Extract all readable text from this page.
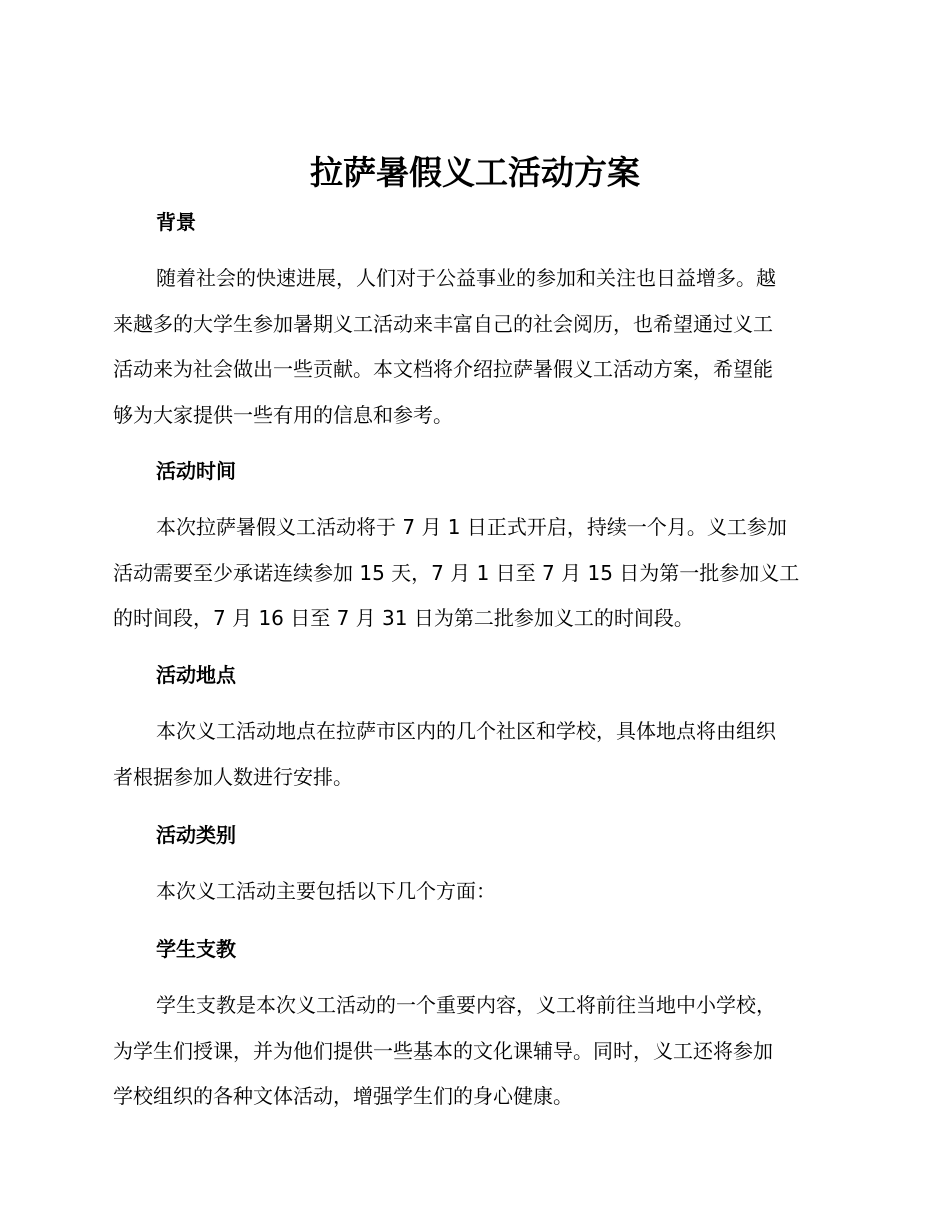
拉萨暑假义工活动方案
背景

随着社会的快速进展，人们对于公益事业的参加和关注也日益增多。越
来越多的大学生参加暑期义工活动来丰富自己的社会阅历，也希望通过义工
活动来为社会做出一些贡献。本文档将介绍拉萨暑假义工活动方案，希望能
够为大家提供一些有用的信息和参考。

活动时间

本次拉萨暑假义工活动将于 7 月 1 日正式开启，持续一个月。义工参加
活动需要至少承诺连续参加 15 天，7 月 1 日至 7 月 15 日为第一批参加义工
的时间段，7 月 16 日至 7 月 31 日为第二批参加义工的时间段。

活动地点

本次义工活动地点在拉萨市区内的几个社区和学校，具体地点将由组织
者根据参加人数进行安排。

活动类别

本次义工活动主要包括以下几个方面：

学生支教

学生支教是本次义工活动的一个重要内容，义工将前往当地中小学校，
为学生们授课，并为他们提供一些基本的文化课辅导。同时，义工还将参加
学校组织的各种文体活动，增强学生们的身心健康。
